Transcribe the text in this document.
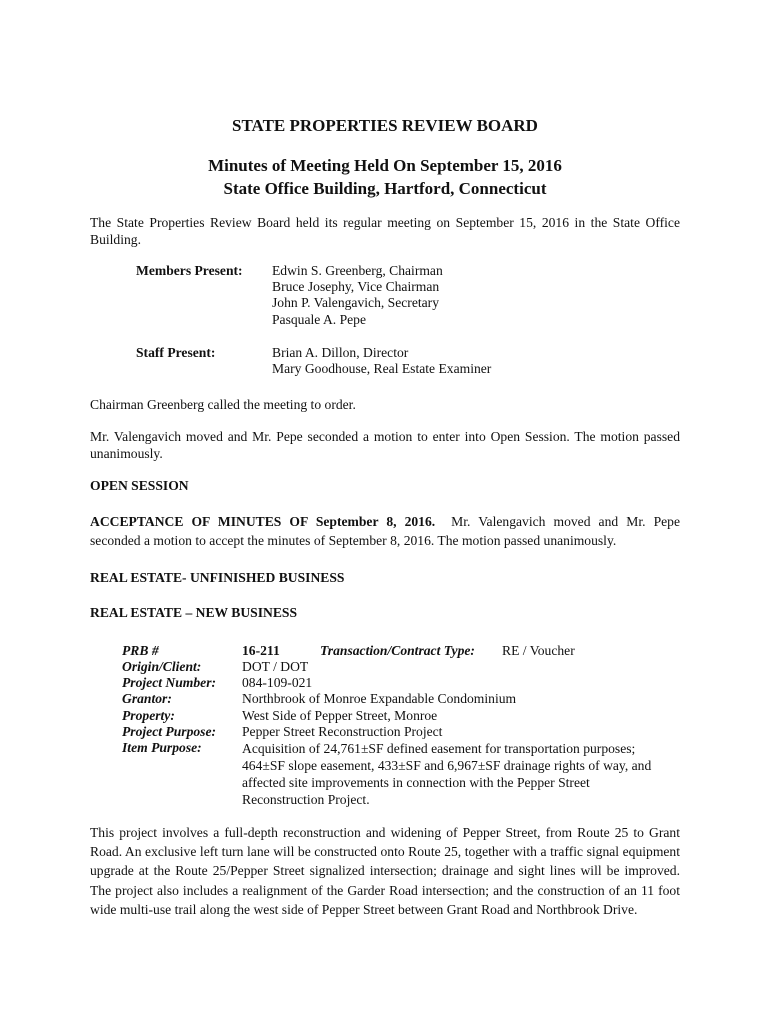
STATE PROPERTIES REVIEW BOARD
Minutes of Meeting Held On September 15, 2016
State Office Building, Hartford, Connecticut
The State Properties Review Board held its regular meeting on September 15, 2016 in the State Office Building.
Members Present: Edwin S. Greenberg, Chairman
Bruce Josephy, Vice Chairman
John P. Valengavich, Secretary
Pasquale A. Pepe
Staff Present:	Brian A. Dillon, Director
Mary Goodhouse, Real Estate Examiner
Chairman Greenberg called the meeting to order.
Mr. Valengavich moved and Mr. Pepe seconded a motion to enter into Open Session. The motion passed unanimously.
OPEN SESSION
ACCEPTANCE OF MINUTES OF September 8, 2016. Mr. Valengavich moved and Mr. Pepe seconded a motion to accept the minutes of September 8, 2016. The motion passed unanimously.
REAL ESTATE- UNFINISHED BUSINESS
REAL ESTATE – NEW BUSINESS
PRB #	16-211	Transaction/Contract Type: RE / Voucher
Origin/Client:	DOT / DOT
Project Number: 084-109-021
Grantor:	Northbrook of Monroe Expandable Condominium
Property:	West Side of Pepper Street, Monroe
Project Purpose: Pepper Street Reconstruction Project
Item Purpose:	Acquisition of 24,761±SF defined easement for transportation purposes; 464±SF slope easement, 433±SF and 6,967±SF drainage rights of way, and affected site improvements in connection with the Pepper Street Reconstruction Project.
This project involves a full-depth reconstruction and widening of Pepper Street, from Route 25 to Grant Road. An exclusive left turn lane will be constructed onto Route 25, together with a traffic signal equipment upgrade at the Route 25/Pepper Street signalized intersection; drainage and sight lines will be improved. The project also includes a realignment of the Garder Road intersection; and the construction of an 11 foot wide multi-use trail along the west side of Pepper Street between Grant Road and Northbrook Drive.
